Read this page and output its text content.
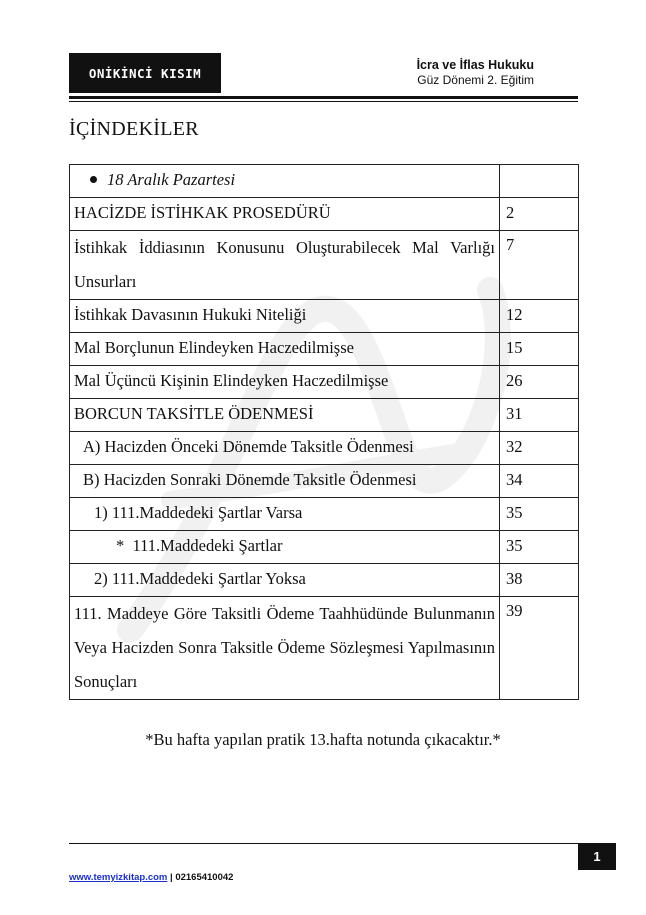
ONİKİNCİ KISIM
İcra ve İflas Hukuku
Güz Dönemi 2. Eğitim
İÇİNDEKİLER
18 Aralık Pazartesi	
HACİZDE İSTİHKAK PROSEDÜRÜ	2
İstihkak İddiasının Konusunu Oluşturabilecek Mal Varlığı Unsurları	7
İstihkak Davasının Hukuki Niteliği	12
Mal Borçlunun Elindeyken Haczedilmişse	15
Mal Üçüncü Kişinin Elindeyken Haczedilmişse	26
BORCUN TAKSİTLE ÖDENMESİ	31
A) Hacizden Önceki Dönemde Taksitle Ödenmesi	32
B) Hacizden Sonraki Dönemde Taksitle Ödenmesi	34
1) 111.Maddedeki Şartlar Varsa	35
*  111.Maddedeki Şartlar	35
2) 111.Maddedeki Şartlar Yoksa	38
111. Maddeye Göre Taksitli Ödeme Taahhüdünde Bulunmanın Veya Hacizden Sonra Taksitle Ödeme Sözleşmesi Yapılmasının Sonuçları	39
*Bu hafta yapılan pratik 13.hafta notunda çıkacaktır.*
1
www.temyizkitap.com | 02165410042
